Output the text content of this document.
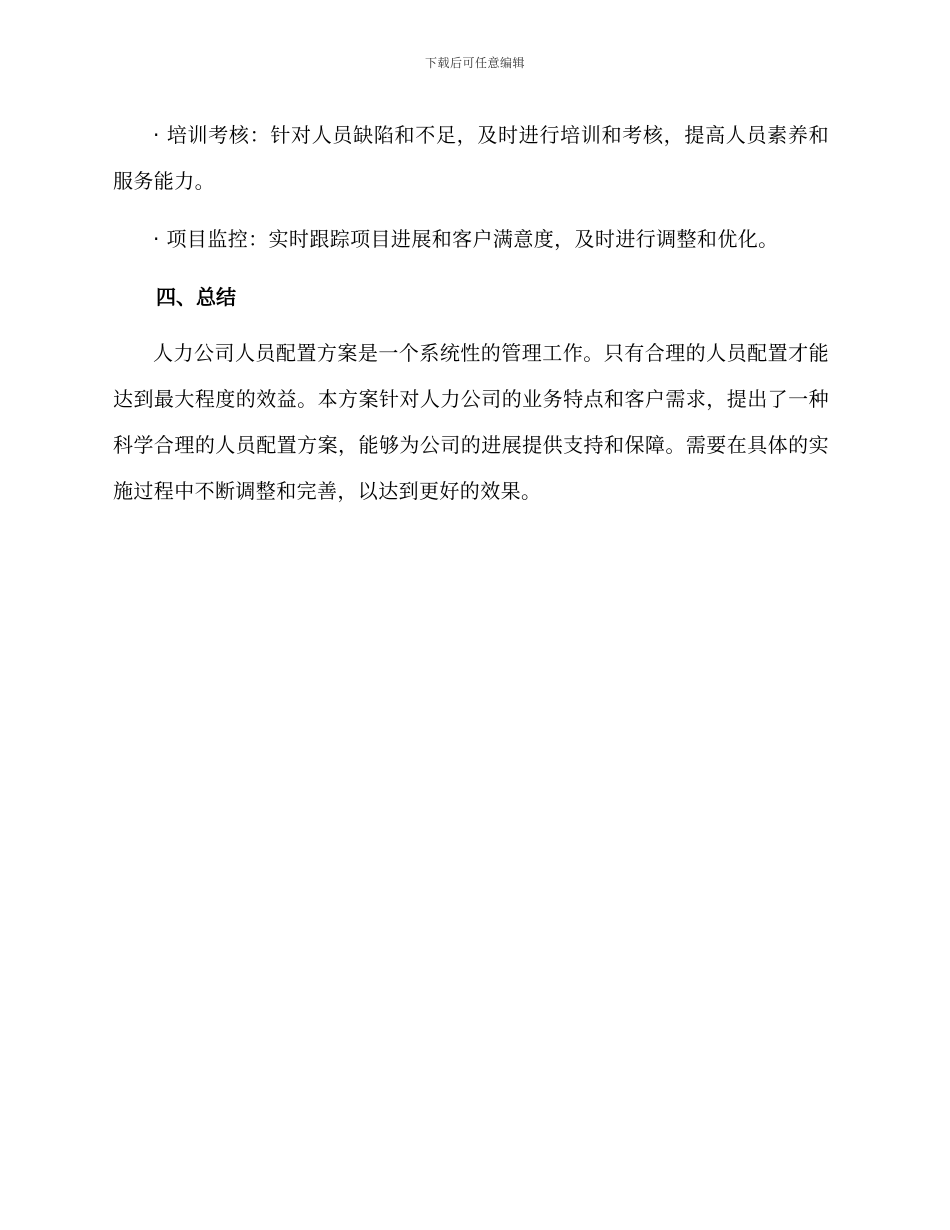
下载后可任意编辑

· 培训考核：针对人员缺陷和不足，及时进行培训和考核，提高人员素养和服务能力。

· 项目监控：实时跟踪项目进展和客户满意度，及时进行调整和优化。

四、总结

人力公司人员配置方案是一个系统性的管理工作。只有合理的人员配置才能达到最大程度的效益。本方案针对人力公司的业务特点和客户需求，提出了一种科学合理的人员配置方案，能够为公司的进展提供支持和保障。需要在具体的实施过程中不断调整和完善，以达到更好的效果。
